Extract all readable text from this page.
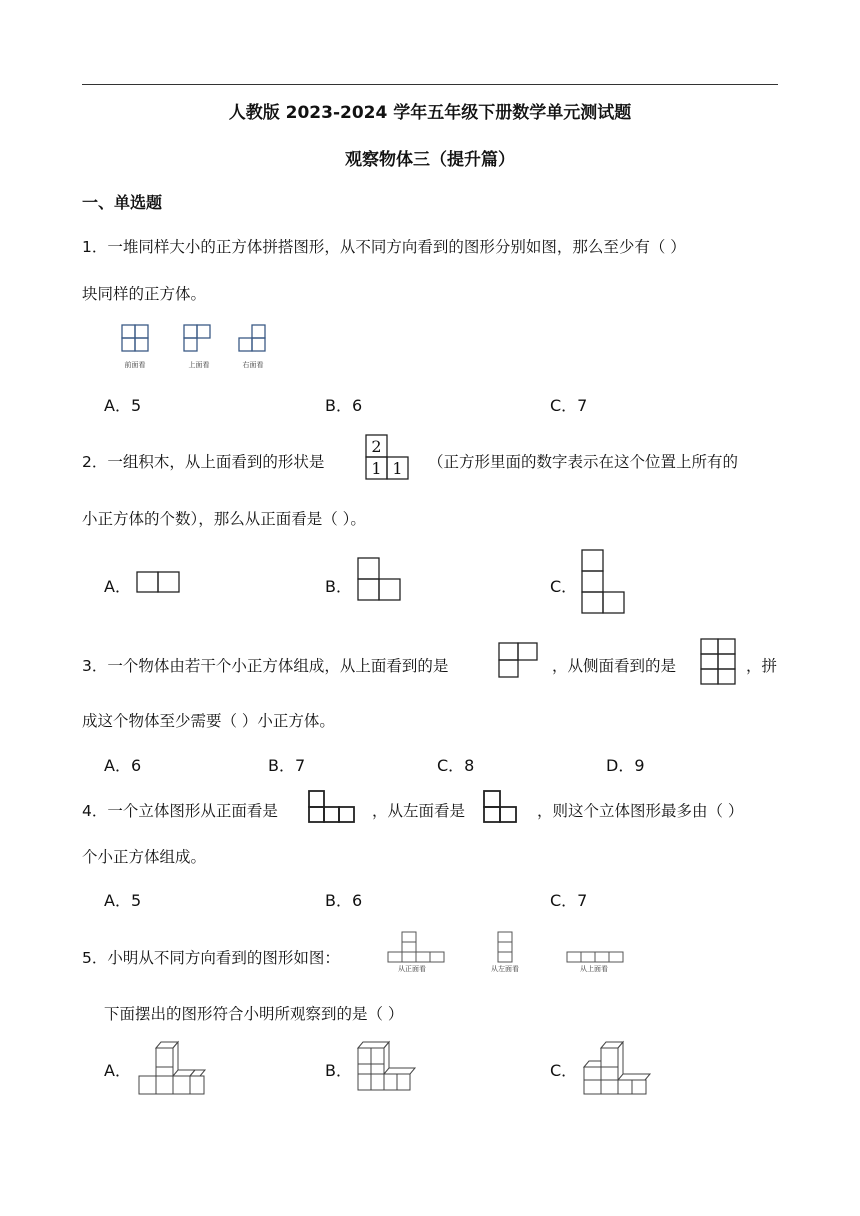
人教版 2023-2024 学年五年级下册数学单元测试题
观察物体三（提升篇）
一、单选题
1．一堆同样大小的正方体拼搭图形，从不同方向看到的图形分别如图，那么至少有（ ）
块同样的正方体。
前面看	上面看	右面看
A．5	B．6	C．7
2．一组积木，从上面看到的形状是
2
1 1 （正方形里面的数字表示在这个位置上所有的
小正方体的个数），那么从正面看是（ ）。
A．	B．	C．
3．一个物体由若干个小正方体组成，从上面看到的是	，从侧面看到的是	，拼
成这个物体至少需要（ ）小正方体。
A．6	B．7	C．8	D．9
4．一个立体图形从正面看是	，从左面看是	，则这个立体图形最多由（ ）
个小正方体组成。
A．5	B．6	C．7
5．小明从不同方向看到的图形如图：
从正面看	从左面看	从上面看
下面摆出的图形符合小明所观察到的是（ ）
A．	B．	C．
